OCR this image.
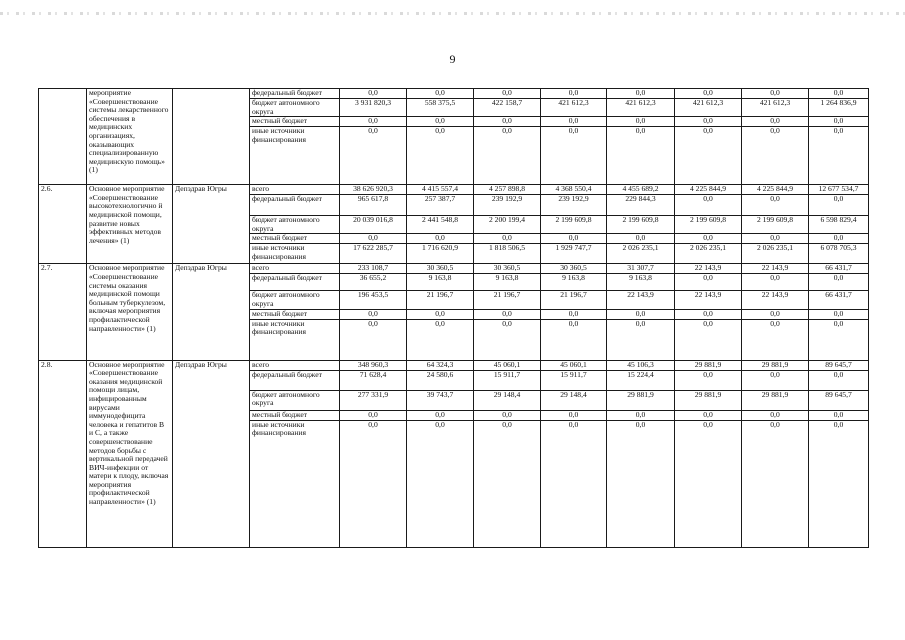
9
	мероприятие «Совершенствование системы лекарственного обеспечения в медицинских организациях, оказывающих специализированную медицинскую помощь» (1)		федеральный бюджет	0,0	0,0	0,0	0,0	0,0	0,0	0,0	0,0
			бюджет автономного округа	3 931 820,3	558 375,5	422 158,7	421 612,3	421 612,3	421 612,3	421 612,3	1 264 836,9
			местный бюджет	0,0	0,0	0,0	0,0	0,0	0,0	0,0	0,0
			иные источники финансирования	0,0	0,0	0,0	0,0	0,0	0,0	0,0	0,0
2.6.	Основное мероприятие «Совершенствование высокотехнологично й медицинской помощи, развитие новых эффективных методов лечения» (1)	Депздрав Югры	всего	38 626 920,3	4 415 557,4	4 257 898,8	4 368 550,4	4 455 689,2	4 225 844,9	4 225 844,9	12 677 534,7
			федеральный бюджет	965 617,8	257 387,7	239 192,9	239 192,9	229 844,3	0,0	0,0	0,0
			бюджет автономного округа	20 039 016,8	2 441 548,8	2 200 199,4	2 199 609,8	2 199 609,8	2 199 609,8	2 199 609,8	6 598 829,4
			местный бюджет	0,0	0,0	0,0	0,0	0,0	0,0	0,0	0,0
			иные источники финансирования	17 622 285,7	1 716 620,9	1 818 506,5	1 929 747,7	2 026 235,1	2 026 235,1	2 026 235,1	6 078 705,3
2.7.	Основное мероприятие «Совершенствование системы оказания медицинской помощи больным туберкулезом, включая мероприятия профилактической направленности» (1)	Депздрав Югры	всего	233 108,7	30 360,5	30 360,5	30 360,5	31 307,7	22 143,9	22 143,9	66 431,7
			федеральный бюджет	36 655,2	9 163,8	9 163,8	9 163,8	9 163,8	0,0	0,0	0,0
			бюджет автономного округа	196 453,5	21 196,7	21 196,7	21 196,7	22 143,9	22 143,9	22 143,9	66 431,7
			местный бюджет	0,0	0,0	0,0	0,0	0,0	0,0	0,0	0,0
			иные источники финансирования	0,0	0,0	0,0	0,0	0,0	0,0	0,0	0,0
2.8.	Основное мероприятие «Совершенствование оказания медицинской помощи лицам, инфицированным вирусами иммунодефицита человека и гепатитов В и С, а также совершенствование методов борьбы с вертикальной передачей ВИЧ-инфекции от матери к плоду, включая мероприятия профилактической направленности» (1)	Депздрав Югры	всего	348 960,3	64 324,3	45 060,1	45 060,1	45 106,3	29 881,9	29 881,9	89 645,7
			федеральный бюджет	71 628,4	24 580,6	15 911,7	15 911,7	15 224,4	0,0	0,0	0,0
			бюджет автономного округа	277 331,9	39 743,7	29 148,4	29 148,4	29 881,9	29 881,9	29 881,9	89 645,7
			местный бюджет	0,0	0,0	0,0	0,0	0,0	0,0	0,0	0,0
			иные источники финансирования	0,0	0,0	0,0	0,0	0,0	0,0	0,0	0,0
